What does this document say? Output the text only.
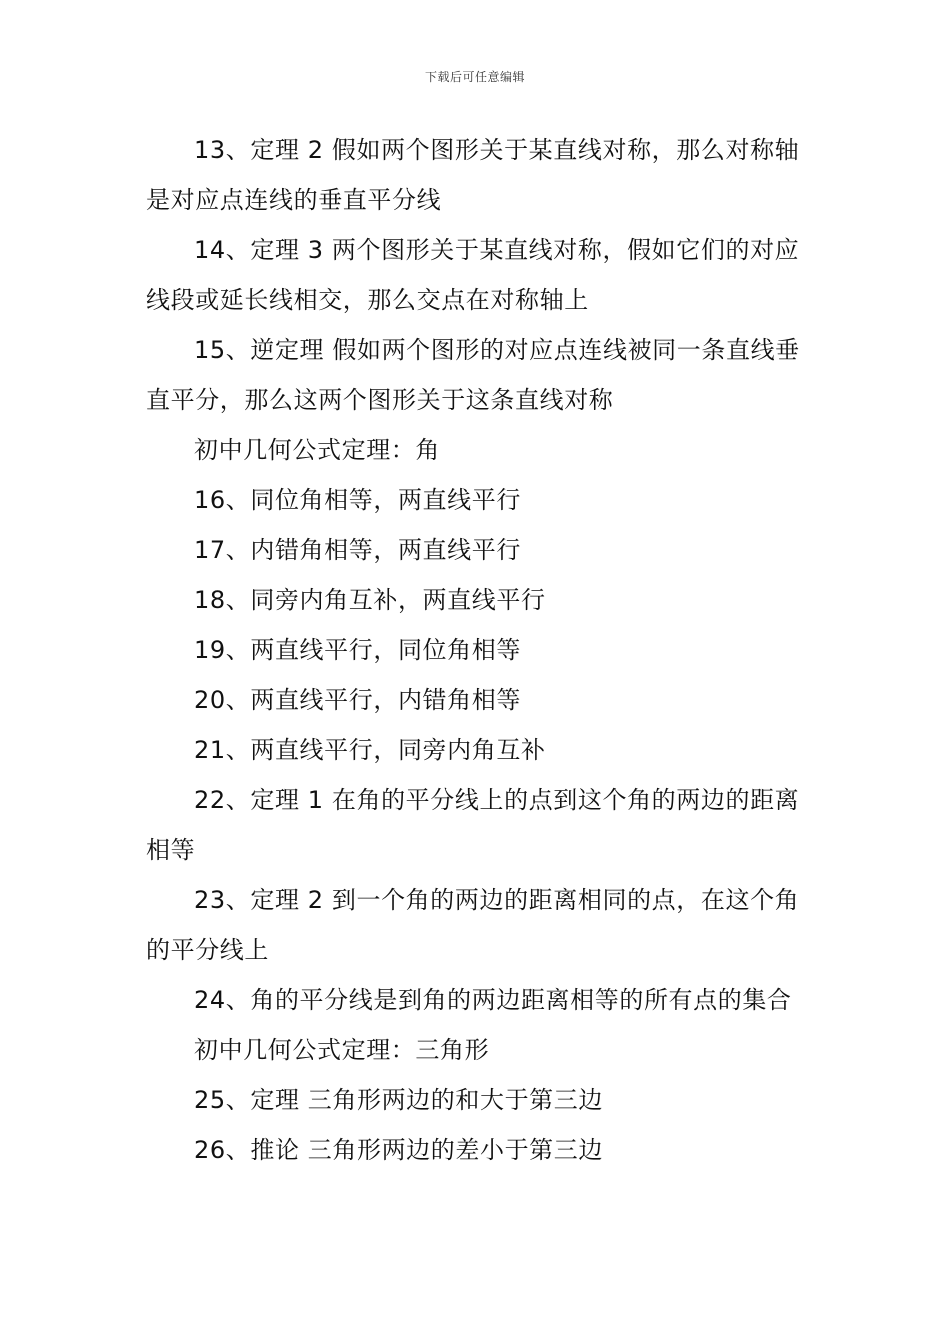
下载后可任意编辑

13、定理 2 假如两个图形关于某直线对称，那么对称轴是对应点连线的垂直平分线

14、定理 3 两个图形关于某直线对称，假如它们的对应线段或延长线相交，那么交点在对称轴上

15、逆定理 假如两个图形的对应点连线被同一条直线垂直平分，那么这两个图形关于这条直线对称

初中几何公式定理：角

16、同位角相等，两直线平行

17、内错角相等，两直线平行

18、同旁内角互补，两直线平行

19、两直线平行，同位角相等

20、两直线平行，内错角相等

21、两直线平行，同旁内角互补

22、定理 1 在角的平分线上的点到这个角的两边的距离相等

23、定理 2 到一个角的两边的距离相同的点，在这个角的平分线上

24、角的平分线是到角的两边距离相等的所有点的集合

初中几何公式定理：三角形

25、定理 三角形两边的和大于第三边

26、推论 三角形两边的差小于第三边
